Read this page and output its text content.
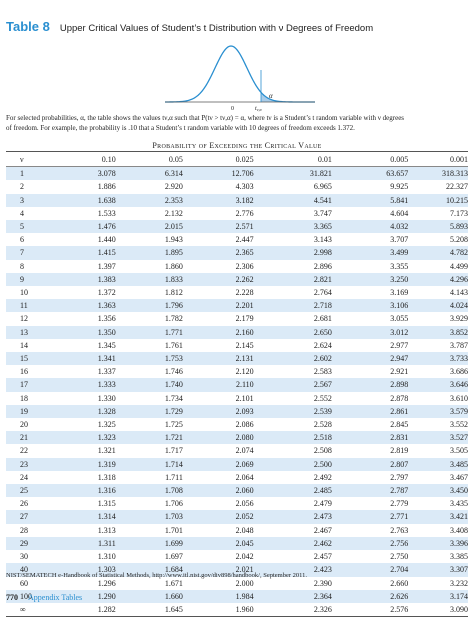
Table 8 Upper Critical Values of Student’s t Distribution with ν Degrees of Freedom
α
0	tν,α

For selected probabilities, α, the table shows the values tν,α such that P(tν > tν,α) = α, where tν is a Student’s t random variable with ν degrees

of freedom. For example, the probability is .10 that a Student’s t random variable with 10 degrees of freedom exceeds 1.372.

Probability of Exceeding the Critical Value
ν	0.10	0.05	0.025	0.01	0.005	0.001
1	3.078	6.314	12.706	31.821	63.657	318.313
2	1.886	2.920	4.303	6.965	9.925	22.327
3	1.638	2.353	3.182	4.541	5.841	10.215
4	1.533	2.132	2.776	3.747	4.604	7.173
5	1.476	2.015	2.571	3.365	4.032	5.893
6	1.440	1.943	2.447	3.143	3.707	5.208
7	1.415	1.895	2.365	2.998	3.499	4.782
8	1.397	1.860	2.306	2.896	3.355	4.499
9	1.383	1.833	2.262	2.821	3.250	4.296
10	1.372	1.812	2.228	2.764	3.169	4.143
11	1.363	1.796	2.201	2.718	3.106	4.024
12	1.356	1.782	2.179	2.681	3.055	3.929
13	1.350	1.771	2.160	2.650	3.012	3.852
14	1.345	1.761	2.145	2.624	2.977	3.787
15	1.341	1.753	2.131	2.602	2.947	3.733
16	1.337	1.746	2.120	2.583	2.921	3.686
17	1.333	1.740	2.110	2.567	2.898	3.646
18	1.330	1.734	2.101	2.552	2.878	3.610
19	1.328	1.729	2.093	2.539	2.861	3.579
20	1.325	1.725	2.086	2.528	2.845	3.552
21	1.323	1.721	2.080	2.518	2.831	3.527
22	1.321	1.717	2.074	2.508	2.819	3.505
23	1.319	1.714	2.069	2.500	2.807	3.485
24	1.318	1.711	2.064	2.492	2.797	3.467
25	1.316	1.708	2.060	2.485	2.787	3.450
26	1.315	1.706	2.056	2.479	2.779	3.435
27	1.314	1.703	2.052	2.473	2.771	3.421
28	1.313	1.701	2.048	2.467	2.763	3.408
29	1.311	1.699	2.045	2.462	2.756	3.396
30	1.310	1.697	2.042	2.457	2.750	3.385
40	1.303	1.684	2.021	2.423	2.704	3.307
60	1.296	1.671	2.000	2.390	2.660	3.232
100	1.290	1.660	1.984	2.364	2.626	3.174
∞	1.282	1.645	1.960	2.326	2.576	3.090
NIST/SEMATECH e-Handbook of Statistical Methods, http://www.itl.nist.gov/div898/handbook/, September 2011.
770 Appendix Tables
